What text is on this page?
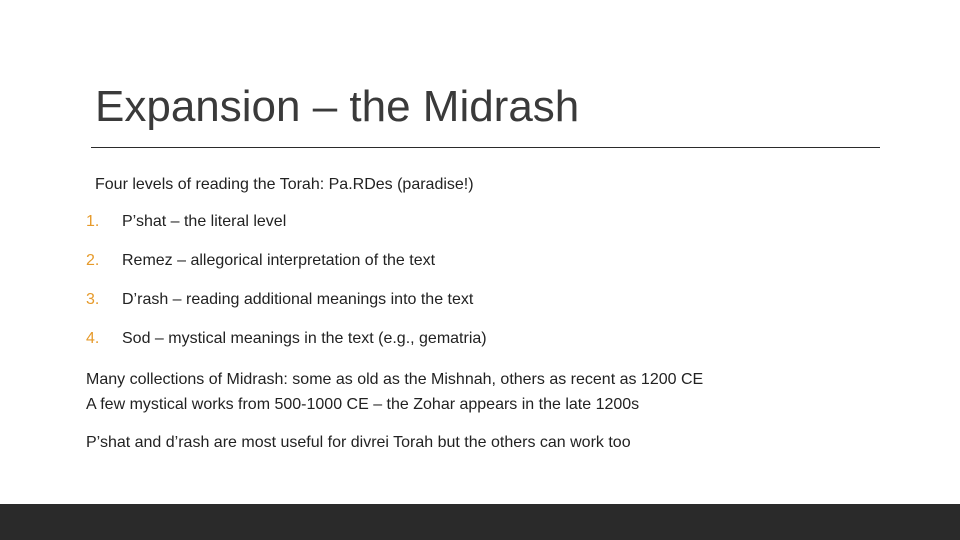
Expansion – the Midrash
Four levels of reading the Torah: Pa.RDes (paradise!)
1. P’shat – the literal level
2. Remez – allegorical interpretation of the text
3. D’rash – reading additional meanings into the text
4. Sod – mystical meanings in the text (e.g., gematria)
Many collections of Midrash: some as old as the Mishnah, others as recent as 1200 CE
A few mystical works from 500-1000 CE – the Zohar appears in the late 1200s
P’shat and d’rash are most useful for divrei Torah but the others can work too
